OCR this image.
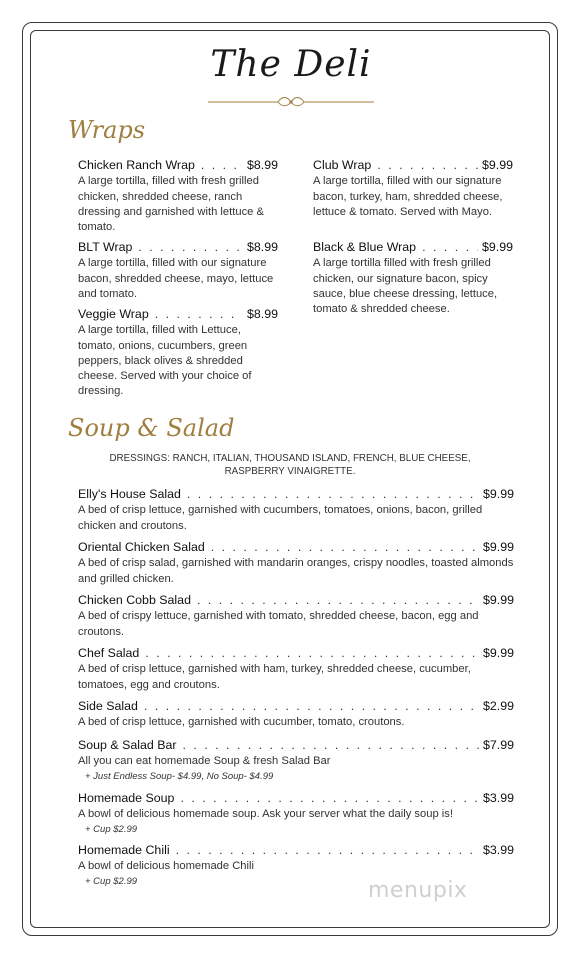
The Deli
Wraps
Chicken Ranch Wrap . . .	$8.99
A large tortilla, filled with fresh grilled chicken, shredded cheese, ranch dressing and garnished with lettuce & tomato.
BLT Wrap . . .	$8.99
A large tortilla, filled with our signature bacon, shredded cheese, mayo, lettuce and tomato.
Veggie Wrap . . .	$8.99
A large tortilla, filled with Lettuce, tomato, onions, cucumbers, green peppers, black olives & shredded cheese. Served with your choice of dressing.
Club Wrap . . .	$9.99
A large tortilla, filled with our signature bacon, turkey, ham, shredded cheese, lettuce & tomato. Served with Mayo.
Black & Blue Wrap . . .	$9.99
A large tortilla filled with fresh grilled chicken, our signature bacon, spicy sauce, blue cheese dressing, lettuce, tomato & shredded cheese.
Soup & Salad
DRESSINGS: RANCH, ITALIAN, THOUSAND ISLAND, FRENCH, BLUE CHEESE, RASPBERRY VINAIGRETTE.
Elly's House Salad . . .	$9.99
A bed of crisp lettuce, garnished with cucumbers, tomatoes, onions, bacon, grilled chicken and croutons.
Oriental Chicken Salad . . .	$9.99
A bed of crisp salad, garnished with mandarin oranges, crispy noodles, toasted almonds and grilled chicken.
Chicken Cobb Salad . . .	$9.99
A bed of crispy lettuce, garnished with tomato, shredded cheese, bacon, egg and croutons.
Chef Salad . . .	$9.99
A bed of crisp lettuce, garnished with ham, turkey, shredded cheese, cucumber, tomatoes, egg and croutons.
Side Salad . . .	$2.99
A bed of crisp lettuce, garnished with cucumber, tomato, croutons.
Soup & Salad Bar . . .	$7.99
All you can eat homemade Soup & fresh Salad Bar
+ Just Endless Soup- $4.99, No Soup- $4.99
Homemade Soup . . .	$3.99
A bowl of delicious homemade soup. Ask your server what the daily soup is!
+ Cup $2.99
Homemade Chili . . .	$3.99
A bowl of delicious homemade Chili
+ Cup $2.99	menupix
